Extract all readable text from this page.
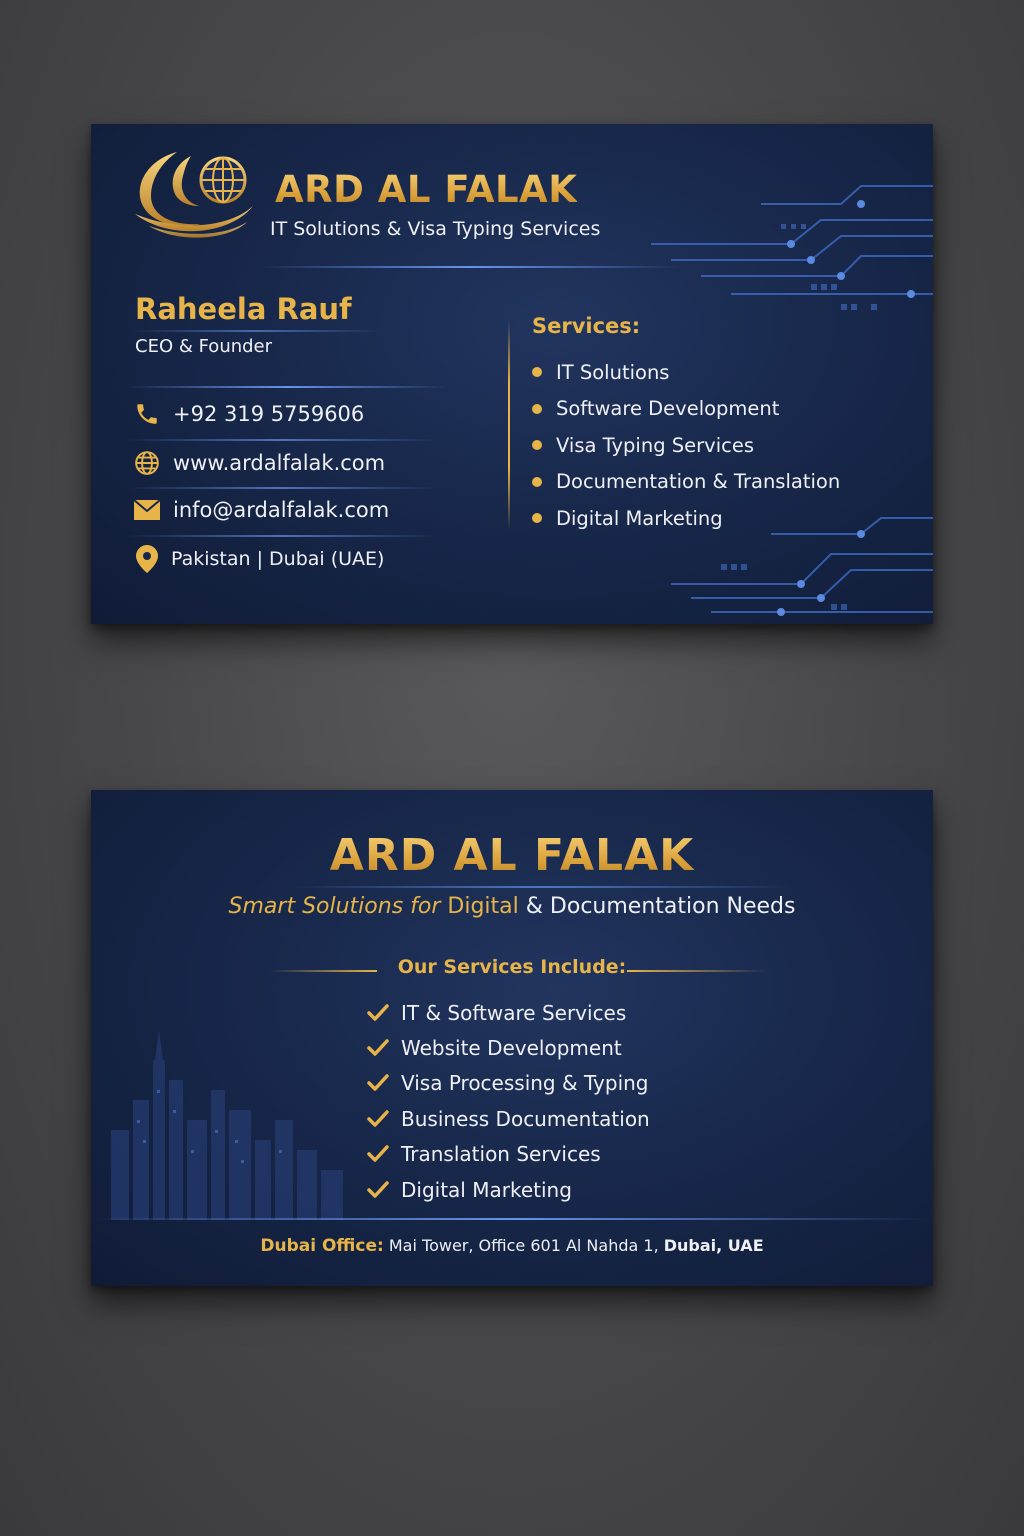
ARD AL FALAK
IT Solutions & Visa Typing Services
Raheela Rauf
CEO & Founder
+92 319 5759606
www.ardalfalak.com
info@ardalfalak.com
Pakistan | Dubai (UAE)
Services:
IT Solutions
Software Development
Visa Typing Services
Documentation & Translation
Digital Marketing
ARD AL FALAK
Smart Solutions for Digital & Documentation Needs
Our Services Include:
IT & Software Services
Website Development
Visa Processing & Typing
Business Documentation
Translation Services
Digital Marketing
Dubai Office: Mai Tower, Office 601 Al Nahda 1, Dubai, UAE
